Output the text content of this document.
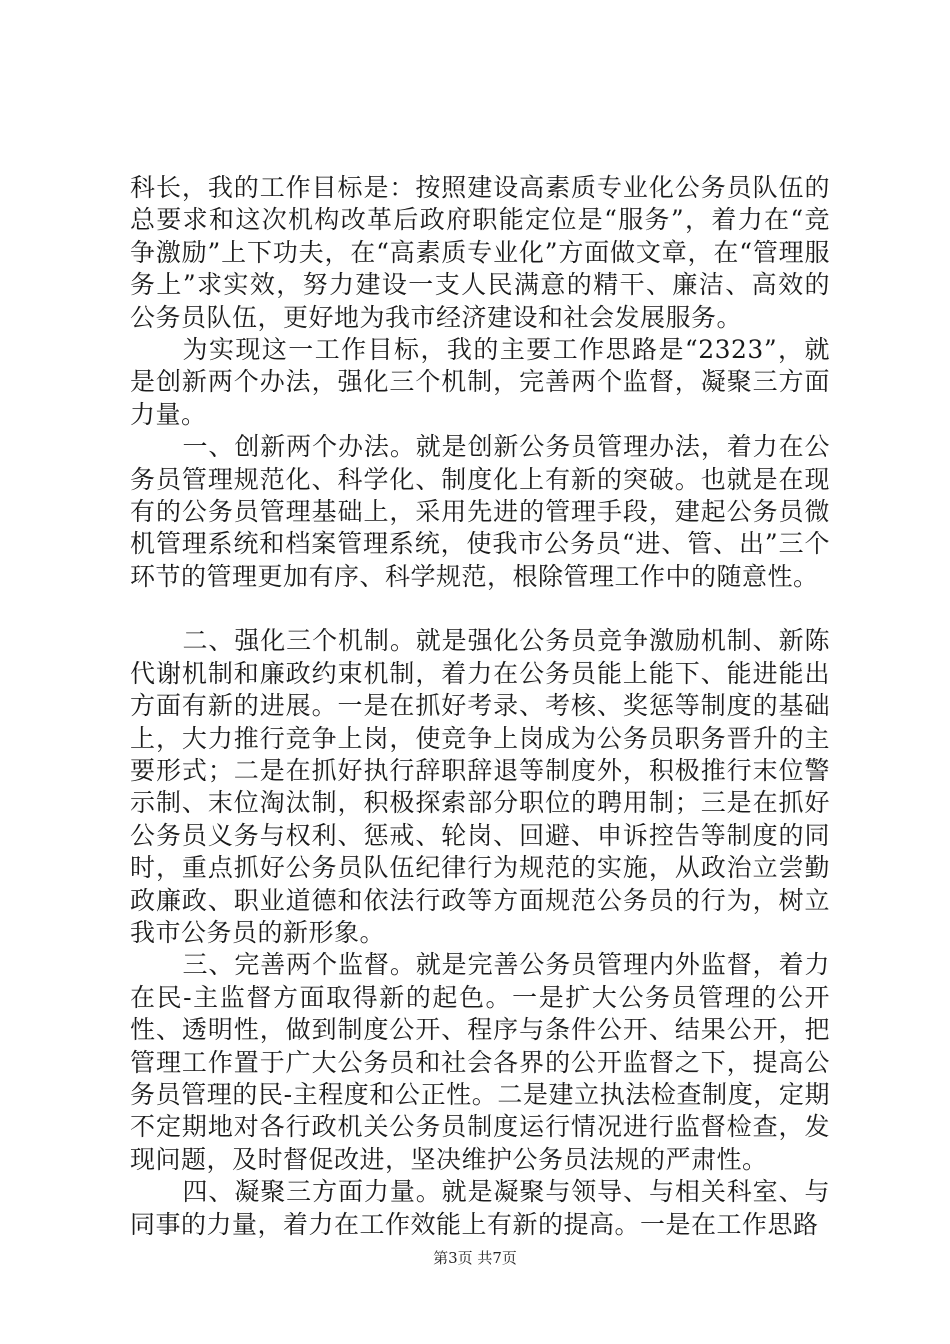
科长，我的工作目标是：按照建设高素质专业化公务员队伍的总要求和这次机构改革后政府职能定位是“服务”，着力在“竞争激励”上下功夫，在“高素质专业化”方面做文章，在“管理服务上”求实效，努力建设一支人民满意的精干、廉洁、高效的公务员队伍，更好地为我市经济建设和社会发展服务。

为实现这一工作目标，我的主要工作思路是“2323”，就是创新两个办法，强化三个机制，完善两个监督，凝聚三方面力量。

一、创新两个办法。就是创新公务员管理办法，着力在公务员管理规范化、科学化、制度化上有新的突破。也就是在现有的公务员管理基础上，采用先进的管理手段，建起公务员微机管理系统和档案管理系统，使我市公务员“进、管、出”三个环节的管理更加有序、科学规范，根除管理工作中的随意性。

二、强化三个机制。就是强化公务员竞争激励机制、新陈代谢机制和廉政约束机制，着力在公务员能上能下、能进能出方面有新的进展。一是在抓好考录、考核、奖惩等制度的基础上，大力推行竞争上岗，使竞争上岗成为公务员职务晋升的主要形式；二是在抓好执行辞职辞退等制度外，积极推行末位警示制、末位淘汰制，积极探索部分职位的聘用制；三是在抓好公务员义务与权利、惩戒、轮岗、回避、申诉控告等制度的同时，重点抓好公务员队伍纪律行为规范的实施，从政治立尝勤政廉政、职业道德和依法行政等方面规范公务员的行为，树立我市公务员的新形象。

三、完善两个监督。就是完善公务员管理内外监督，着力在民-主监督方面取得新的起色。一是扩大公务员管理的公开性、透明性，做到制度公开、程序与条件公开、结果公开，把管理工作置于广大公务员和社会各界的公开监督之下，提高公务员管理的民-主程度和公正性。二是建立执法检查制度，定期不定期地对各行政机关公务员制度运行情况进行监督检查，发现问题，及时督促改进，坚决维护公务员法规的严肃性。

四、凝聚三方面力量。就是凝聚与领导、与相关科室、与同事的力量，着力在工作效能上有新的提高。一是在工作思路

第3页 共7页
